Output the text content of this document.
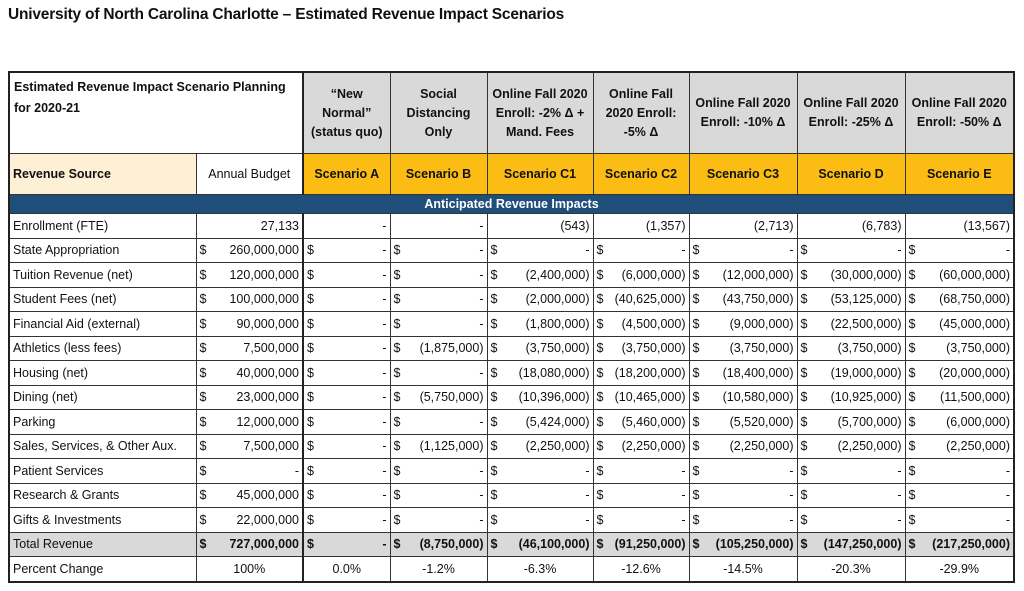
University of North Carolina Charlotte – Estimated Revenue Impact Scenarios
Estimated Revenue Impact Scenario Planning for 2020-21		“New Normal” (status quo)	Social Distancing Only	Online Fall 2020 Enroll: -2% Δ + Mand. Fees	Online Fall 2020 Enroll: -5% Δ	Online Fall 2020 Enroll: -10% Δ	Online Fall 2020 Enroll: -25% Δ	Online Fall 2020 Enroll: -50% Δ
Revenue Source	Annual Budget	Scenario A	Scenario B	Scenario C1	Scenario C2	Scenario C3	Scenario D	Scenario E
Anticipated Revenue Impacts								
Enrollment (FTE)	27,133	-	-	(543)	(1,357)	(2,713)	(6,783)	(13,567)
State Appropriation	$ 260,000,000	$ -	$ -	$ -	$ -	$ -	$ -	$ -

Tuition Revenue (net)	$ 120,000,000	$ -	$ -	$ (2,400,000)	$ (6,000,000)	$ (12,000,000)	$ (30,000,000)	$ (60,000,000)

Student Fees (net)	$ 100,000,000	$ -	$ -	$ (2,000,000)	$ (40,625,000)	$ (43,750,000)	$ (53,125,000)	$ (68,750,000)

Financial Aid (external)	$ 90,000,000	$ -	$ -	$ (1,800,000)	$ (4,500,000)	$ (9,000,000)	$ (22,500,000)	$ (45,000,000)

Athletics (less fees)	$ 7,500,000	$ -	$ (1,875,000)	$ (3,750,000)	$ (3,750,000)	$ (3,750,000)	$ (3,750,000)	$ (3,750,000)

Housing (net)	$ 40,000,000	$ -	$ -	$ (18,080,000)	$ (18,200,000)	$ (18,400,000)	$ (19,000,000)	$ (20,000,000)

Dining (net)	$ 23,000,000	$ -	$ (5,750,000)	$ (10,396,000)	$ (10,465,000)	$ (10,580,000)	$ (10,925,000)	$ (11,500,000)

Parking	$ 12,000,000	$ -	$ -	$ (5,424,000)	$ (5,460,000)	$ (5,520,000)	$ (5,700,000)	$ (6,000,000)

Sales, Services, & Other Aux.	$ 7,500,000	$ -	$ (1,125,000)	$ (2,250,000)	$ (2,250,000)	$ (2,250,000)	$ (2,250,000)	$ (2,250,000)

Patient Services	$ -	$ -	$ -	$ -	$ -	$ -	$ -	$ -

Research & Grants	$ 45,000,000	$ -	$ -	$ -	$ -	$ -	$ -	$ -

Gifts & Investments	$ 22,000,000	$ -	$ -	$ -	$ -	$ -	$ -	$ -

Total Revenue	$ 727,000,000	$ -	$ (8,750,000)	$ (46,100,000)	$ (91,250,000)	$ (105,250,000)	$ (147,250,000)	$ (217,250,000)

Percent Change	100%	0.0%	-1.2%	-6.3%	-12.6%	-14.5%	-20.3%	-29.9%
